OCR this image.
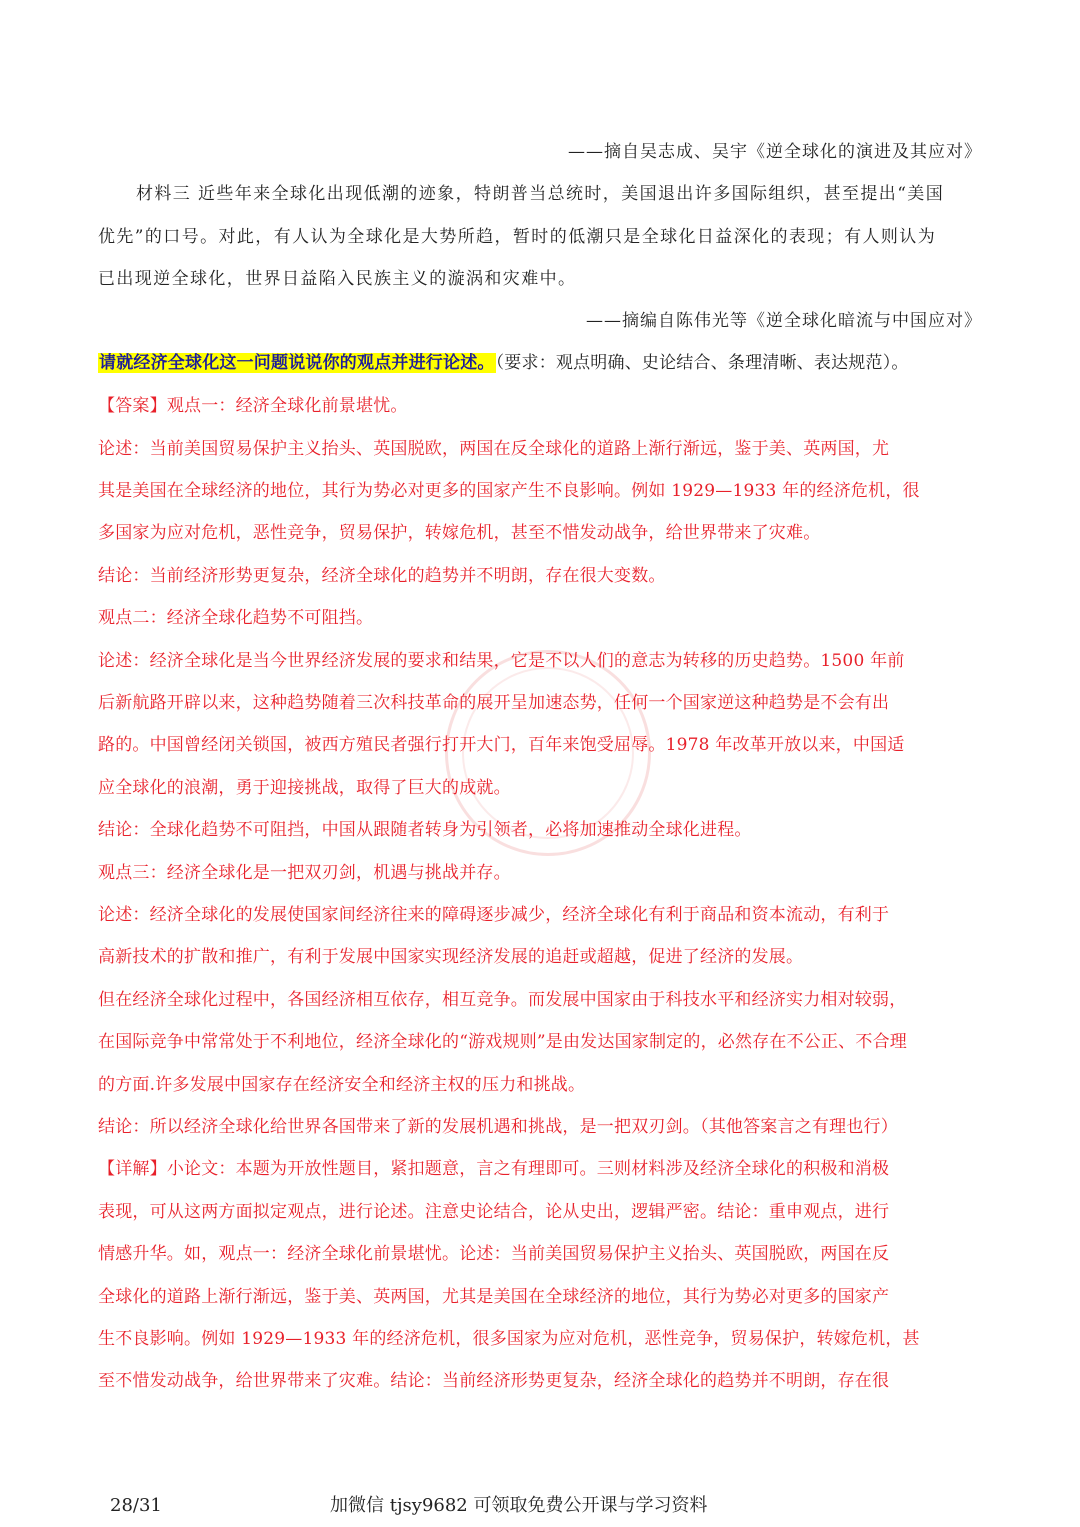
——摘自吴志成、吴宇《逆全球化的演进及其应对》
材料三 近些年来全球化出现低潮的迹象，特朗普当总统时，美国退出许多国际组织，甚至提出“美国
优先”的口号。对此，有人认为全球化是大势所趋，暂时的低潮只是全球化日益深化的表现；有人则认为
已出现逆全球化，世界日益陷入民族主义的漩涡和灾难中。
——摘编自陈伟光等《逆全球化暗流与中国应对》
请就经济全球化这一问题说说你的观点并进行论述。（要求：观点明确、史论结合、条理清晰、表达规范）。
【答案】观点一：经济全球化前景堪忧。
论述：当前美国贸易保护主义抬头、英国脱欧，两国在反全球化的道路上渐行渐远，鉴于美、英两国，尤
其是美国在全球经济的地位，其行为势必对更多的国家产生不良影响。例如 1929—1933 年的经济危机，很
多国家为应对危机，恶性竞争，贸易保护，转嫁危机，甚至不惜发动战争，给世界带来了灾难。
结论：当前经济形势更复杂，经济全球化的趋势并不明朗，存在很大变数。
观点二：经济全球化趋势不可阻挡。
论述：经济全球化是当今世界经济发展的要求和结果，它是不以人们的意志为转移的历史趋势。1500 年前
后新航路开辟以来，这种趋势随着三次科技革命的展开呈加速态势，任何一个国家逆这种趋势是不会有出
路的。中国曾经闭关锁国，被西方殖民者强行打开大门，百年来饱受屈辱。1978 年改革开放以来，中国适
应全球化的浪潮，勇于迎接挑战，取得了巨大的成就。
结论：全球化趋势不可阻挡，中国从跟随者转身为引领者，必将加速推动全球化进程。
观点三：经济全球化是一把双刃剑，机遇与挑战并存。
论述：经济全球化的发展使国家间经济往来的障碍逐步减少，经济全球化有利于商品和资本流动，有利于
高新技术的扩散和推广，有利于发展中国家实现经济发展的追赶或超越，促进了经济的发展。
但在经济全球化过程中，各国经济相互依存，相互竞争。而发展中国家由于科技水平和经济实力相对较弱，
在国际竞争中常常处于不利地位，经济全球化的“游戏规则”是由发达国家制定的，必然存在不公正、不合理
的方面.许多发展中国家存在经济安全和经济主权的压力和挑战。
结论：所以经济全球化给世界各国带来了新的发展机遇和挑战，是一把双刃剑。（其他答案言之有理也行）
【详解】小论文：本题为开放性题目，紧扣题意，言之有理即可。三则材料涉及经济全球化的积极和消极
表现，可从这两方面拟定观点，进行论述。注意史论结合，论从史出，逻辑严密。结论：重申观点，进行
情感升华。如，观点一：经济全球化前景堪忧。论述：当前美国贸易保护主义抬头、英国脱欧，两国在反
全球化的道路上渐行渐远，鉴于美、英两国，尤其是美国在全球经济的地位，其行为势必对更多的国家产
生不良影响。例如 1929—1933 年的经济危机，很多国家为应对危机，恶性竞争，贸易保护，转嫁危机，甚
至不惜发动战争，给世界带来了灾难。结论：当前经济形势更复杂，经济全球化的趋势并不明朗，存在很
28/31	加微信 tjsy9682 可领取免费公开课与学习资料
